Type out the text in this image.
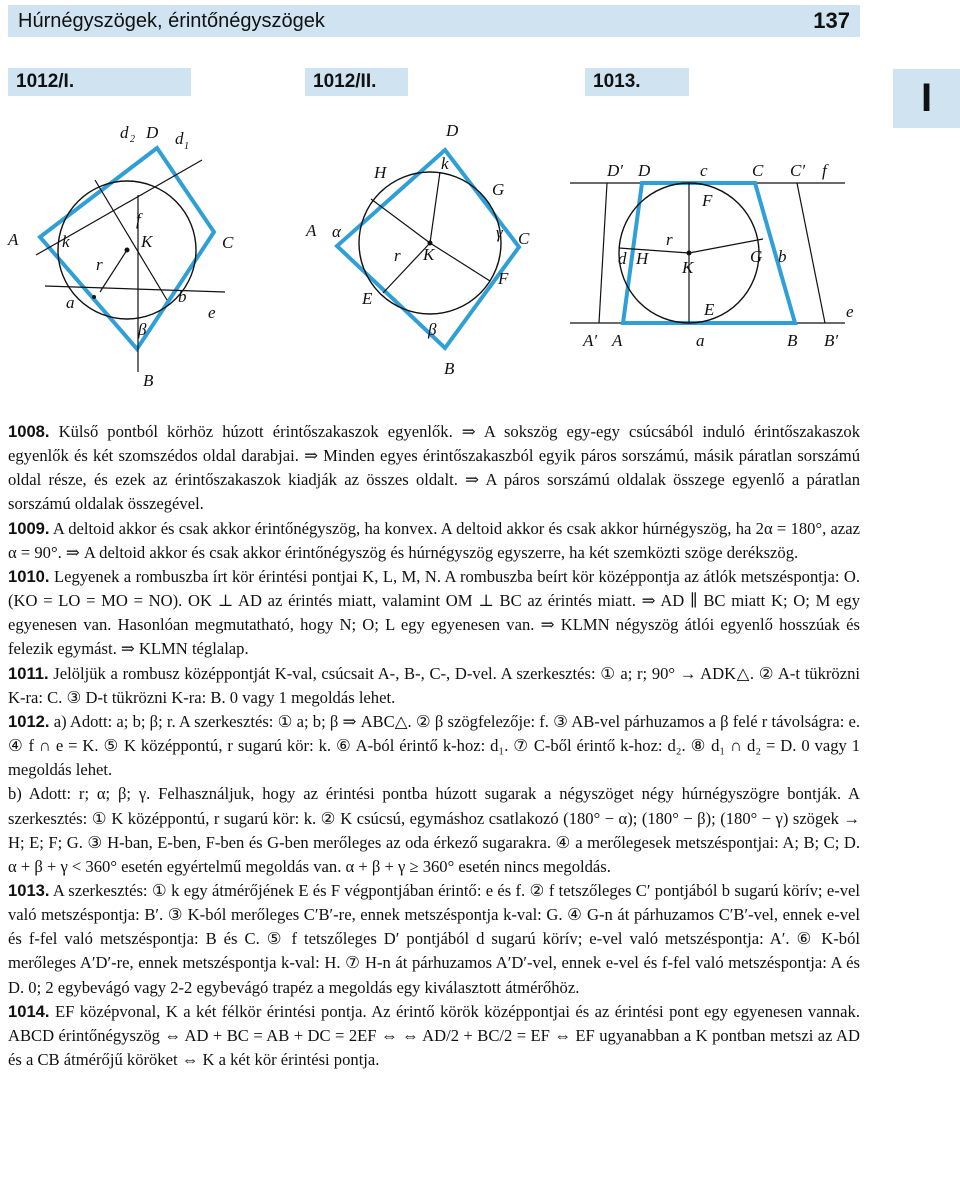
Húrnégyszögek, érintőnégyszögek	137
I
1012/I.	1012/II.	1013.
d 2 D d 1
A	k
f
K	C
r
a
β
b
e
B
D
k
H
G
A α	γ C
r K
E
F
β
B
D′ D	c	C C′ f
F
r
d H K
G b
E	e
A′ A	a	B B′

1008. Külső pontból körhöz húzott érintőszakaszok egyenlők. ⇒ A sokszög egy-egy csúcsából induló érintőszakaszok egyenlők és két szomszédos oldal darabjai. ⇒ Minden egyes érintőszakaszból egyik páros sorszámú, másik páratlan sorszámú oldal része, és ezek az érintőszakaszok kiadják az összes oldalt. ⇒ A páros sorszámú oldalak összege egyenlő a páratlan sorszámú oldalak összegével.

1009. A deltoid akkor és csak akkor érintőnégyszög, ha konvex. A deltoid akkor és csak akkor húrnégyszög, ha 2α = 180°, azaz α = 90°. ⇒ A deltoid akkor és csak akkor érintőnégyszög és húrnégyszög egyszerre, ha két szemközti szöge derékszög.

1010. Legyenek a rombuszba írt kör érintési pontjai K, L, M, N. A rombuszba beírt kör középpontja az átlók metszéspontja: O. (KO = LO = MO = NO). OK ⊥ AD az érintés miatt, valamint OM ⊥ BC az érintés miatt. ⇒ AD ∥ BC miatt K; O; M egy egyenesen van. Hasonlóan megmutatható, hogy N; O; L egy egyenesen van. ⇒ KLMN négyszög átlói egyenlő hosszúak és felezik egymást. ⇒ KLMN téglalap.

1011. Jelöljük a rombusz középpontját K-val, csúcsait A-, B-, C-, D-vel. A szerkesztés: ① a; r; 90° → ADK△. ② A-t tükrözni K-ra: C. ③ D-t tükrözni K-ra: B. 0 vagy 1 megoldás lehet.

1012. a) Adott: a; b; β; r. A szerkesztés: ① a; b; β ⇒ ABC△. ② β szögfelezője: f. ③ AB-vel párhuzamos a β felé r távolságra: e. ④ f ∩ e = K. ⑤ K középpontú, r sugarú kör: k. ⑥ A-ból érintő k-hoz: d₁. ⑦ C-ből érintő k-hoz: d₂. ⑧ d₁ ∩ d₂ = D. 0 vagy 1 megoldás lehet.

b) Adott: r; α; β; γ. Felhasználjuk, hogy az érintési pontba húzott sugarak a négyszöget négy húrnégyszögre bontják. A szerkesztés: ① K középpontú, r sugarú kör: k. ② K csúcsú, egymáshoz csatlakozó (180° − α); (180° − β); (180° − γ) szögek → H; E; F; G. ③ H-ban, E-ben, F-ben és G-ben merőleges az oda érkező sugarakra. ④ a merőlegesek metszéspontjai: A; B; C; D. α + β + γ < 360° esetén egyértelmű megoldás van. α + β + γ ≥ 360° esetén nincs megoldás.

1013. A szerkesztés: ① k egy átmérőjének E és F végpontjában érintő: e és f. ② f tetszőleges C′ pontjából b sugarú körív; e-vel való metszéspontja: B′. ③ K-ból merőleges C′B′-re, ennek metszéspontja k-val: G. ④ G-n át párhuzamos C′B′-vel, ennek e-vel és f-fel való metszéspontja: B és C. ⑤ f tetszőleges D′ pontjából d sugarú körív; e-vel való metszéspontja: A′. ⑥ K-ból merőleges A′D′-re, ennek metszéspontja k-val: H. ⑦ H-n át párhuzamos A′D′-vel, ennek e-vel és f-fel való metszéspontja: A és D. 0; 2 egybevágó vagy 2-2 egybevágó trapéz a megoldás egy kiválasztott átmérőhöz.

1014. EF középvonal, K a két félkör érintési pontja. Az érintő körök középpontjai és az érintési pont egy egyenesen vannak. ABCD érintőnégyszög ⇔ AD + BC = AB + DC = 2EF ⇔ ⇔ AD/2 + BC/2 = EF ⇔ EF ugyanabban a K pontban metszi az AD és a CB átmérőjű köröket ⇔ K a két kör érintési pontja.
